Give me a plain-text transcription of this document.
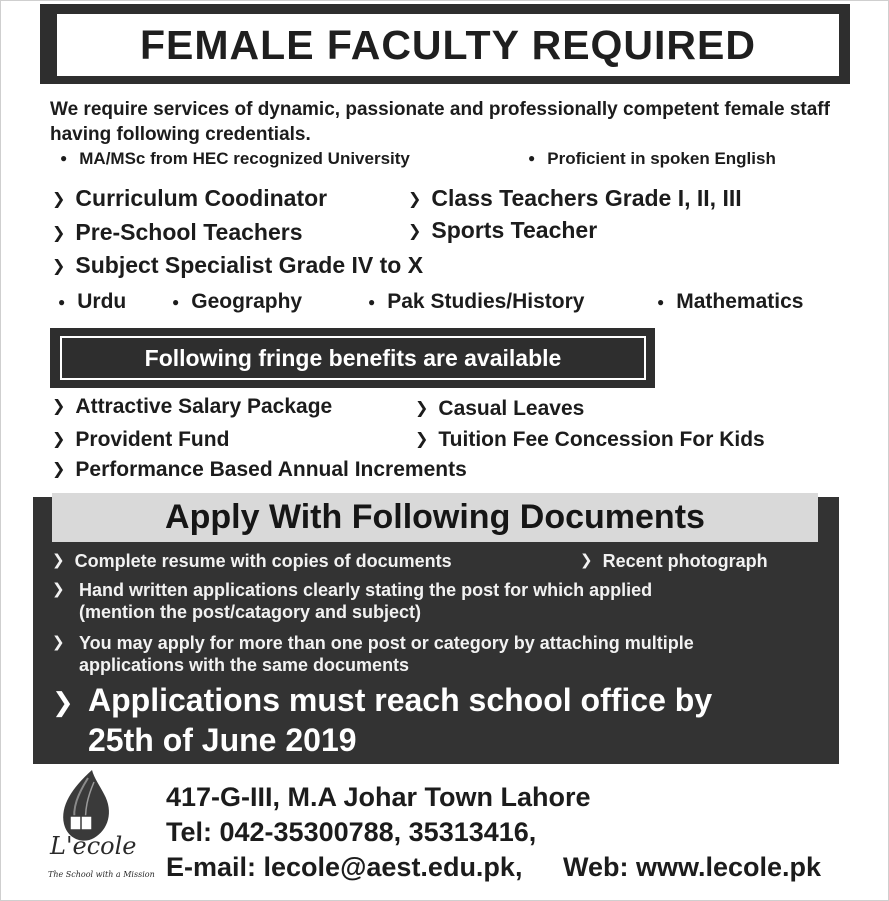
FEMALE FACULTY REQUIRED
We require services of dynamic, passionate and professionally competent female staff having following credentials.
● MA/MSc from HEC recognized University	● Proficient in spoken English
❯ Curriculum Coodinator	❯ Class Teachers Grade I, II, III
❯ Pre-School Teachers	❯ Sports Teacher
❯ Subject Specialist Grade IV to X
● Urdu	● Geography	● Pak Studies/History	● Mathematics
Following fringe benefits are available
❯ Attractive Salary Package	❯ Casual Leaves
❯ Provident Fund	❯ Tuition Fee Concession For Kids
❯ Performance Based Annual Increments
Apply With Following Documents
❯ Complete resume with copies of documents	❯ Recent photograph
❯ Hand written applications clearly stating the post for which applied
(mention the post/catagory and subject)
❯ You may apply for more than one post or category by attaching multiple
applications with the same documents
❯ Applications must reach school office by
25th of June 2019
L'ecole
The School with a Mission
417-G-III, M.A Johar Town Lahore
Tel: 042-35300788, 35313416,
E-mail: lecole@aest.edu.pk, Web: www.lecole.pk
